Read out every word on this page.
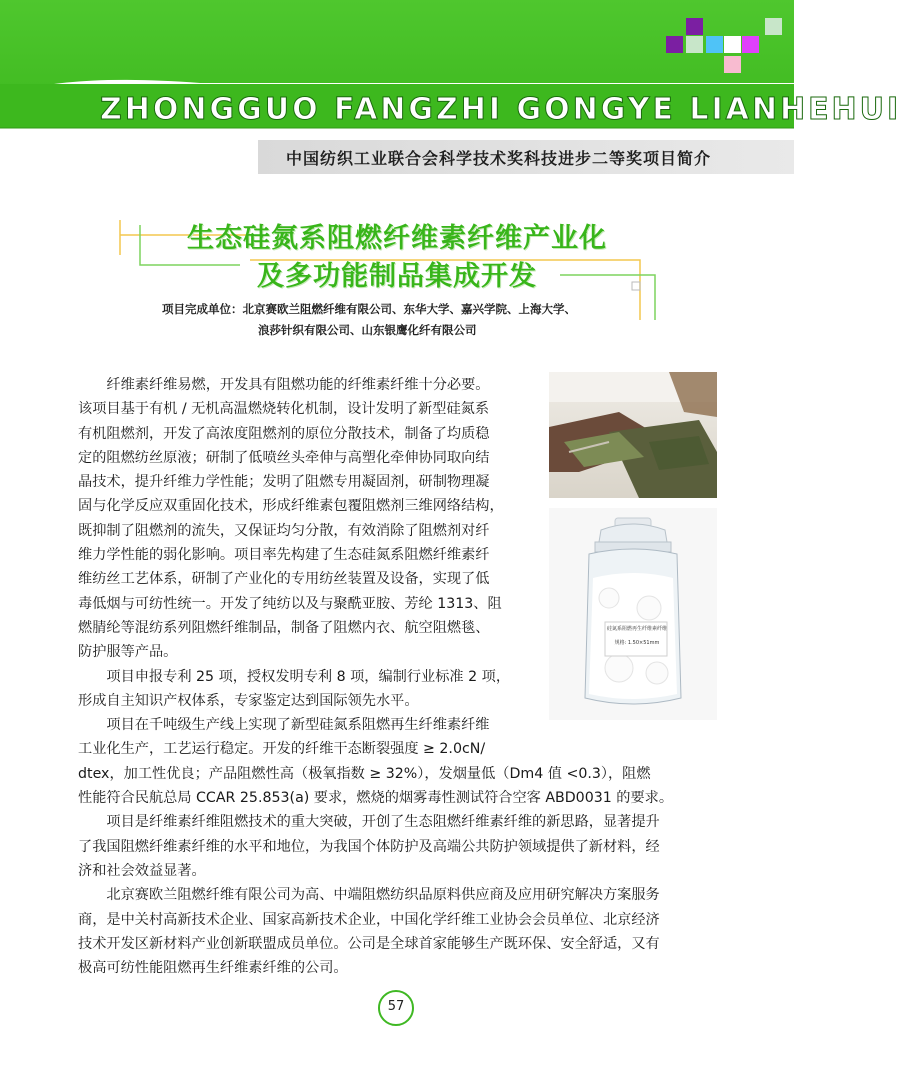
ZHONGGUO FANGZHI GONGYE LIANHEHUI
中国纺织工业联合会科学技术奖科技进步二等奖项目简介
生态硅氮系阻燃纤维素纤维产业化
及多功能制品集成开发
项目完成单位：北京赛欧兰阻燃纤维有限公司、东华大学、嘉兴学院、上海大学、
浪莎针织有限公司、山东银鹰化纤有限公司
硅氮系阻燃再生纤维素纤维
规格: 1.50×51mm
　　纤维素纤维易燃，开发具有阻燃功能的纤维素纤维十分必要。
该项目基于有机 / 无机高温燃烧转化机制，设计发明了新型硅氮系
有机阻燃剂，开发了高浓度阻燃剂的原位分散技术，制备了均质稳
定的阻燃纺丝原液；研制了低喷丝头牵伸与高塑化牵伸协同取向结
晶技术，提升纤维力学性能；发明了阻燃专用凝固剂，研制物理凝
固与化学反应双重固化技术，形成纤维素包覆阻燃剂三维网络结构，
既抑制了阻燃剂的流失，又保证均匀分散，有效消除了阻燃剂对纤
维力学性能的弱化影响。项目率先构建了生态硅氮系阻燃纤维素纤
维纺丝工艺体系，研制了产业化的专用纺丝装置及设备，实现了低
毒低烟与可纺性统一。开发了纯纺以及与聚酰亚胺、芳纶 1313、阻
燃腈纶等混纺系列阻燃纤维制品，制备了阻燃内衣、航空阻燃毯、
防护服等产品。
　　项目申报专利 25 项，授权发明专利 8 项，编制行业标准 2 项，
形成自主知识产权体系，专家鉴定达到国际领先水平。
　　项目在千吨级生产线上实现了新型硅氮系阻燃再生纤维素纤维
工业化生产，工艺运行稳定。开发的纤维干态断裂强度 ≥ 2.0cN/
dtex，加工性优良；产品阻燃性高（极氧指数 ≥ 32%），发烟量低（Dm4 值 <0.3），阻燃
性能符合民航总局 CCAR 25.853(a) 要求，燃烧的烟雾毒性测试符合空客 ABD0031 的要求。
　　项目是纤维素纤维阻燃技术的重大突破，开创了生态阻燃纤维素纤维的新思路，显著提升
了我国阻燃纤维素纤维的水平和地位，为我国个体防护及高端公共防护领域提供了新材料，经
济和社会效益显著。
　　北京赛欧兰阻燃纤维有限公司为高、中端阻燃纺织品原料供应商及应用研究解决方案服务
商，是中关村高新技术企业、国家高新技术企业，中国化学纤维工业协会会员单位、北京经济
技术开发区新材料产业创新联盟成员单位。公司是全球首家能够生产既环保、安全舒适，又有
极高可纺性能阻燃再生纤维素纤维的公司。
57
